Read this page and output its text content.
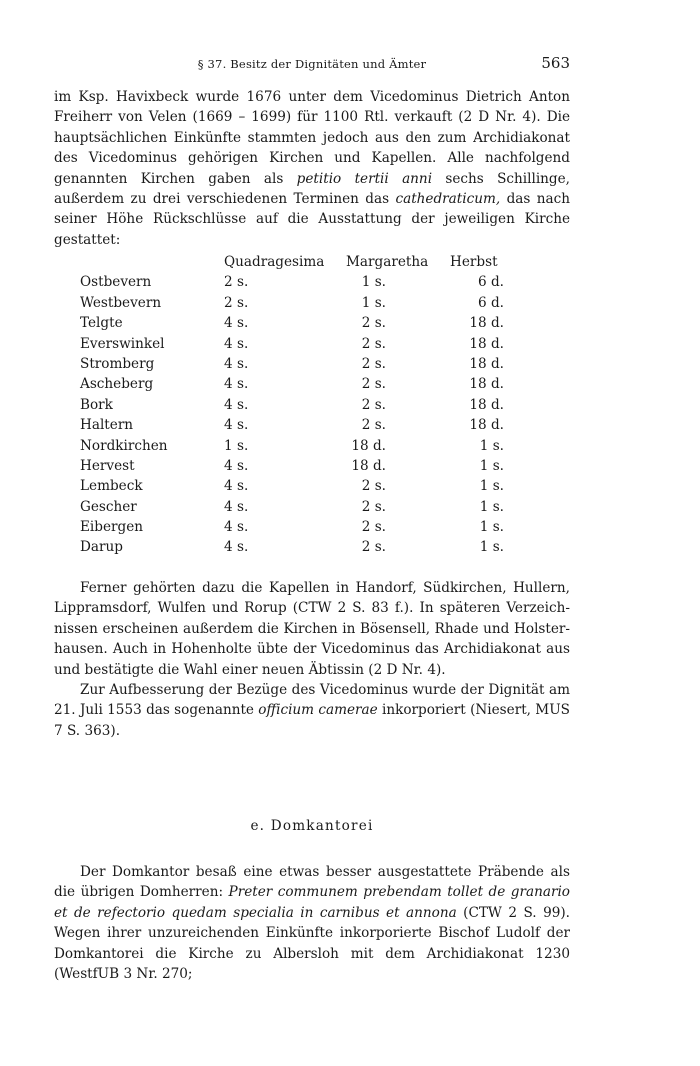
§ 37. Besitz der Dignitäten und Ämter	563

im Ksp. Havixbeck wurde 1676 unter dem Vicedominus Dietrich Anton Freiherr von Velen (1669 – 1699) für 1100 Rtl. verkauft (2 D Nr. 4). Die hauptsächlichen Einkünfte stammten jedoch aus den zum Archidiakonat des Vicedominus gehörigen Kirchen und Kapellen. Alle nachfolgend genannten Kirchen gaben als petitio tertii anni sechs Schillinge, außerdem zu drei verschiedenen Terminen das cathedraticum, das nach seiner Höhe Rückschlüsse auf die Ausstattung der jeweiligen Kirche gestattet:

	Quadragesima	Margaretha	Herbst
Ostbevern	2 s.	1 s.	6 d.
Westbevern	2 s.	1 s.	6 d.
Telgte	4 s.	2 s.	18 d.
Everswinkel	4 s.	2 s.	18 d.
Stromberg	4 s.	2 s.	18 d.
Ascheberg	4 s.	2 s.	18 d.
Bork	4 s.	2 s.	18 d.
Haltern	4 s.	2 s.	18 d.
Nordkirchen	1 s.	18 d.	1 s.
Hervest	4 s.	18 d.	1 s.
Lembeck	4 s.	2 s.	1 s.
Gescher	4 s.	2 s.	1 s.
Eibergen	4 s.	2 s.	1 s.
Darup	4 s.	2 s.	1 s.

Ferner gehörten dazu die Kapellen in Handorf, Südkirchen, Hullern, Lippramsdorf, Wulfen und Rorup (CTW 2 S. 83 f.). In späteren Verzeich-nissen erscheinen außerdem die Kirchen in Bösensell, Rhade und Holster-hausen. Auch in Hohenholte übte der Vicedominus das Archidiakonat aus und bestätigte die Wahl einer neuen Äbtissin (2 D Nr. 4).

Zur Aufbesserung der Bezüge des Vicedominus wurde der Dignität am 21. Juli 1553 das sogenannte officium camerae inkorporiert (Niesert, MUS 7 S. 363).

e. Domkantorei

Der Domkantor besaß eine etwas besser ausgestattete Präbende als die übrigen Domherren: Preter communem prebendam tollet de granario et de refectorio quedam specialia in carnibus et annona (CTW 2 S. 99). Wegen ihrer unzureichenden Einkünfte inkorporierte Bischof Ludolf der Domkantorei die Kirche zu Albersloh mit dem Archidiakonat 1230 (WestfUB 3 Nr. 270;
